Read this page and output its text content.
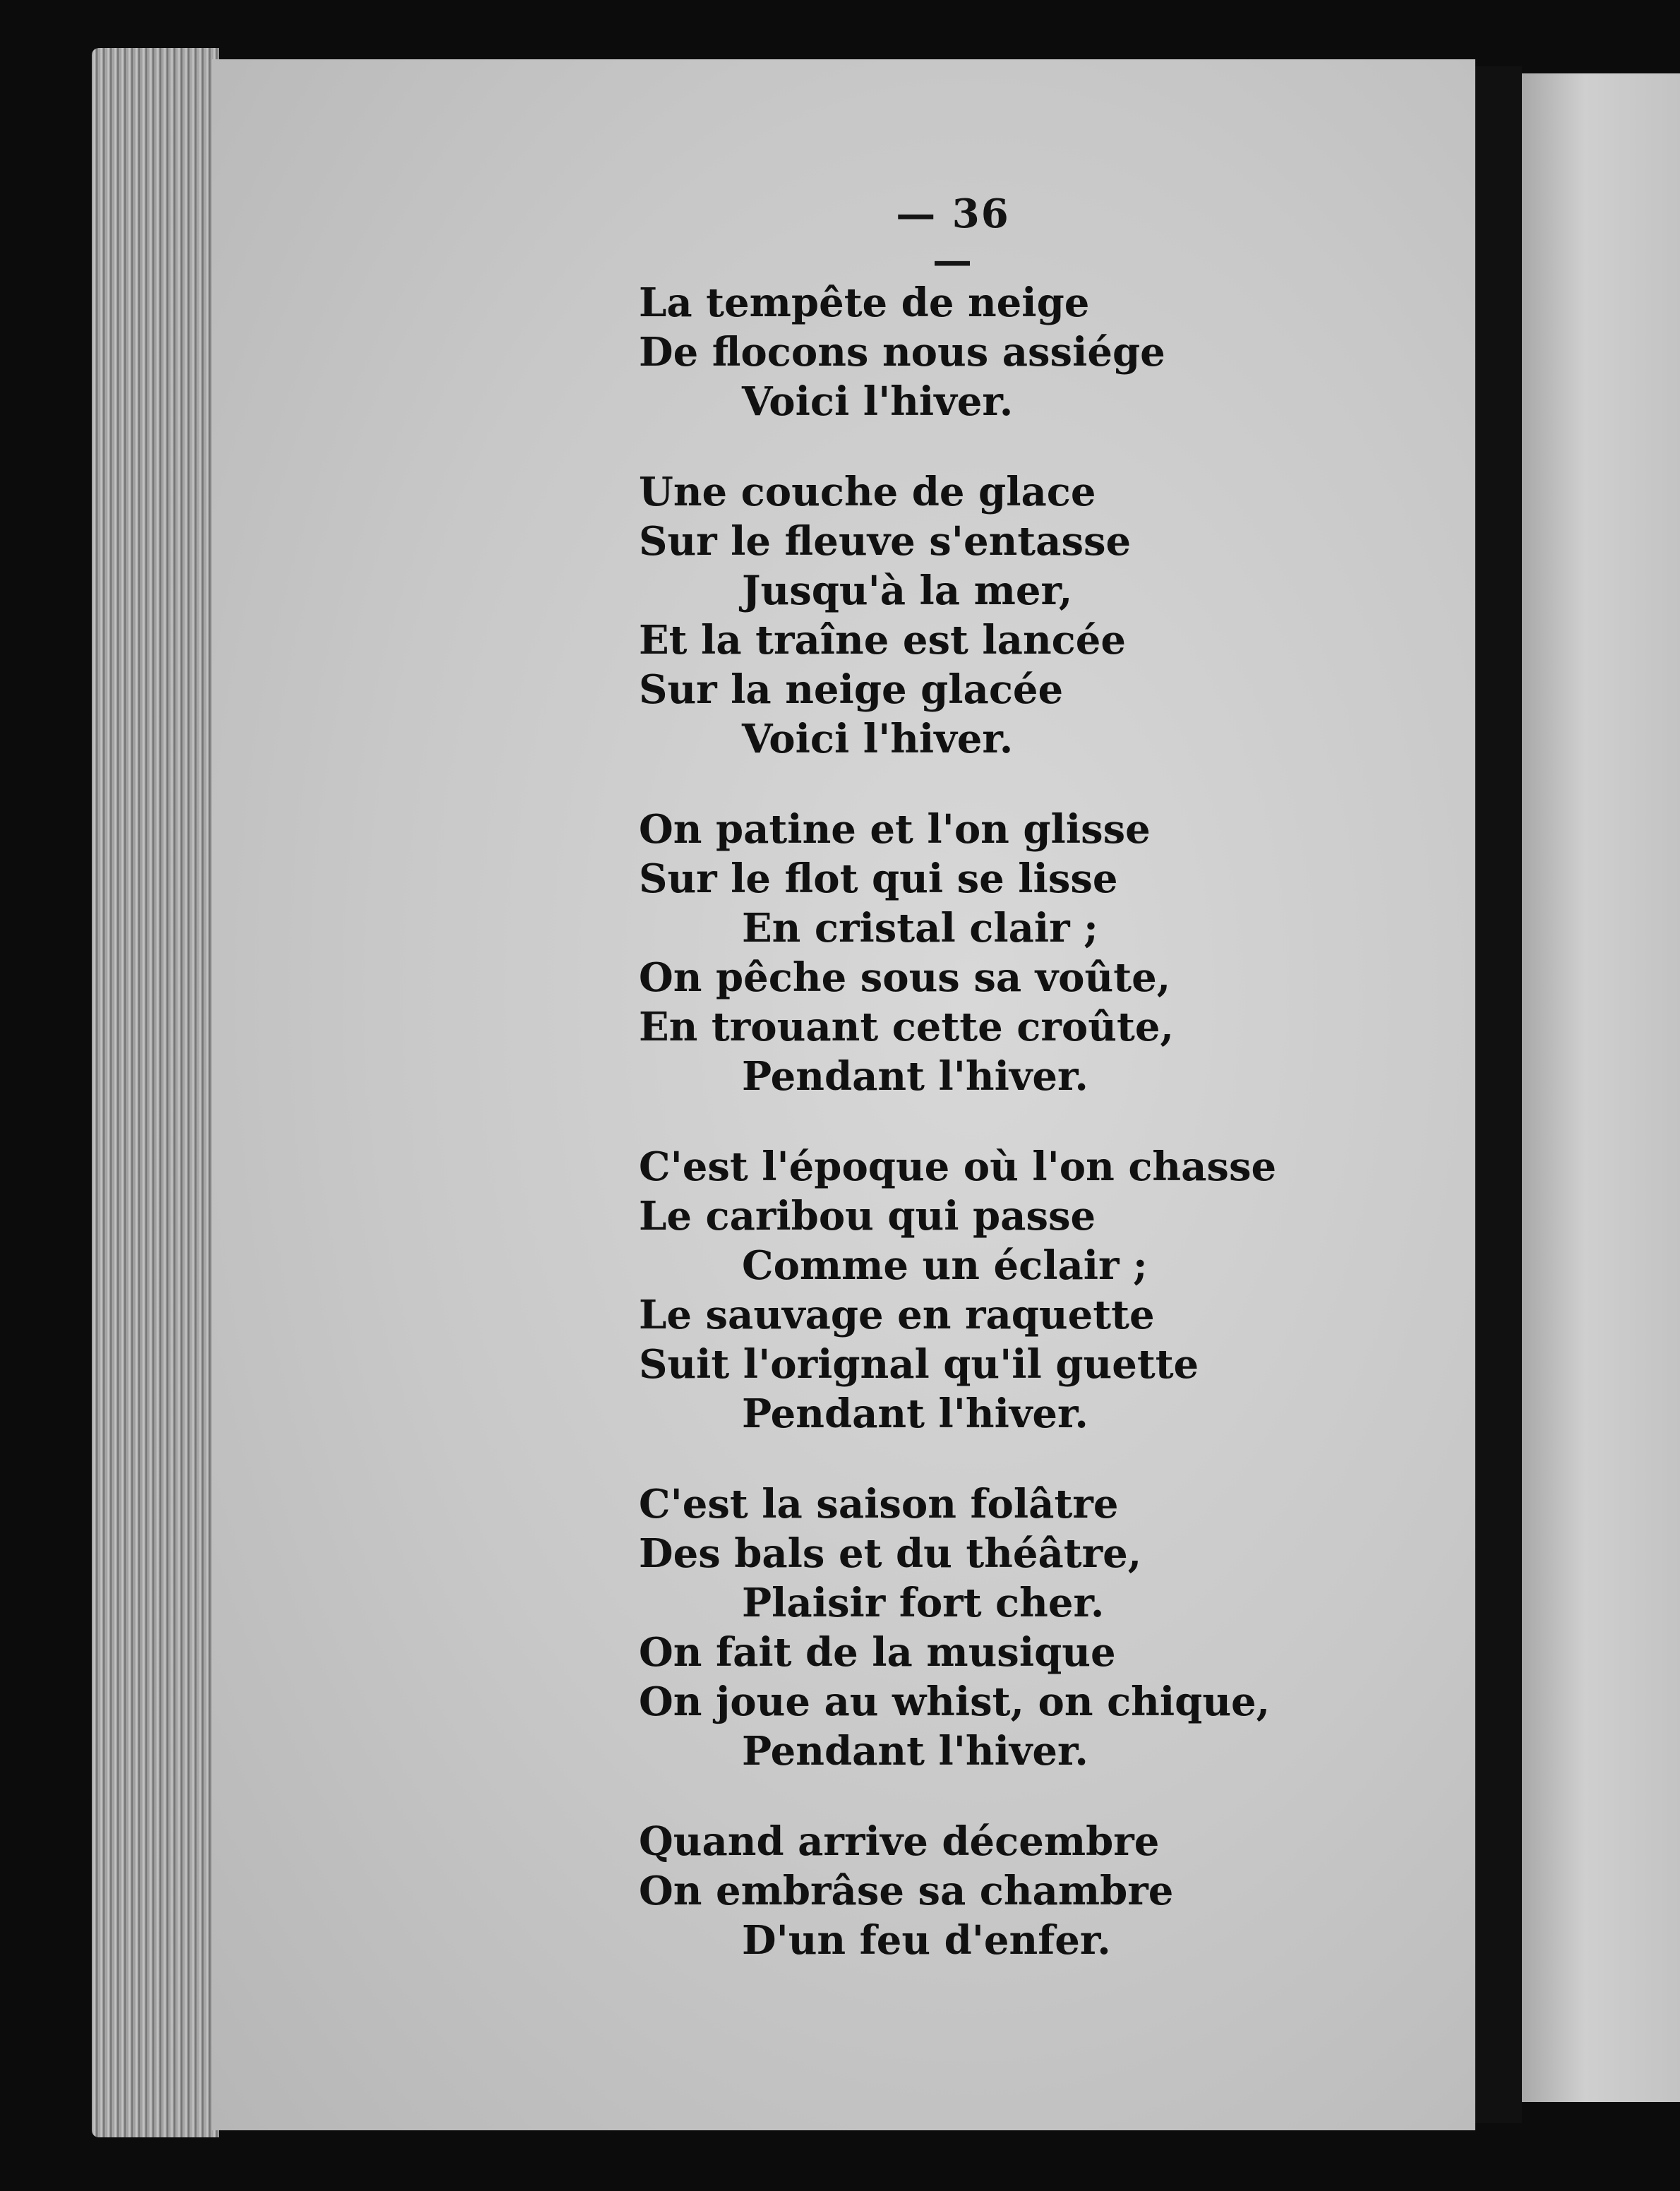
— 36 —
La tempête de neige
De flocons nous assiége
Voici l'hiver.
Une couche de glace
Sur le fleuve s'entasse
Jusqu'à la mer,
Et la traîne est lancée
Sur la neige glacée
Voici l'hiver.
On patine et l'on glisse
Sur le flot qui se lisse
En cristal clair ;
On pêche sous sa voûte,
En trouant cette croûte,
Pendant l'hiver.
C'est l'époque où l'on chasse
Le caribou qui passe
Comme un éclair ;
Le sauvage en raquette
Suit l'orignal qu'il guette
Pendant l'hiver.
C'est la saison folâtre
Des bals et du théâtre,
Plaisir fort cher.
On fait de la musique
On joue au whist, on chique,
Pendant l'hiver.
Quand arrive décembre
On embrâse sa chambre
D'un feu d'enfer.
